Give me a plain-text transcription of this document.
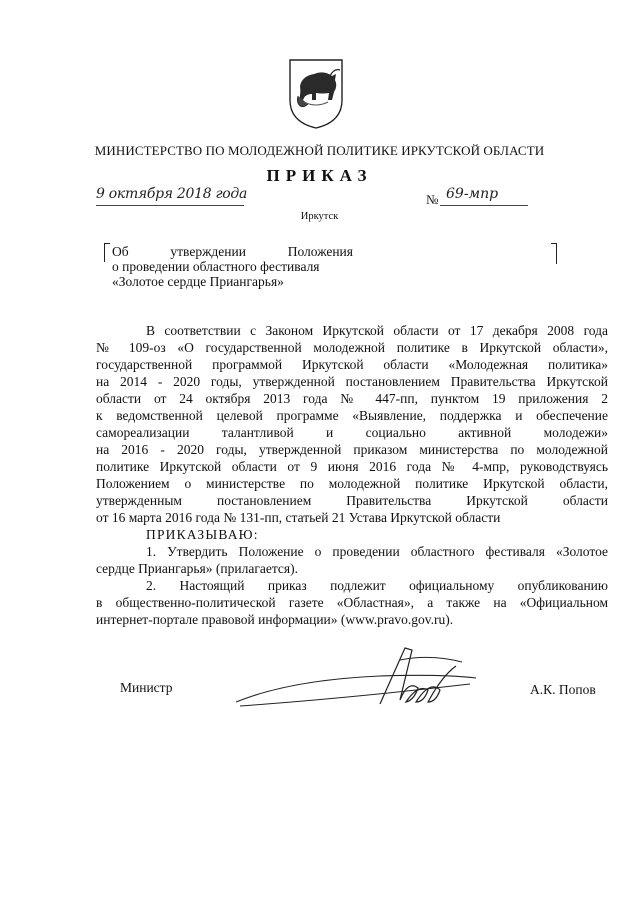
МИНИСТЕРСТВО ПО МОЛОДЕЖНОЙ ПОЛИТИКЕ ИРКУТСКОЙ ОБЛАСТИ
ПРИКАЗ
9 октября 2018 года	№ 69-мпр
Иркутск
Об	утверждении	Положения
о проведении областного фестиваля
«Золотое сердце Приангарья»
В соответствии с Законом Иркутской области от 17 декабря 2008 года
№ 109-оз «О государственной молодежной политике в Иркутской области»,
государственной программой Иркутской области «Молодежная политика»
на 2014 - 2020 годы, утвержденной постановлением Правительства Иркутской
области от 24 октября 2013 года № 447-пп, пунктом 19 приложения 2
к ведомственной целевой программе «Выявление, поддержка и обеспечение
самореализации талантливой и социально активной молодежи»
на 2016 - 2020 годы, утвержденной приказом министерства по молодежной
политике Иркутской области от 9 июня 2016 года № 4-мпр, руководствуясь
Положением о министерстве по молодежной политике Иркутской области,
утвержденным постановлением Правительства Иркутской области
от 16 марта 2016 года № 131-пп, статьей 21 Устава Иркутской области
ПРИКАЗЫВАЮ:
1. Утвердить Положение о проведении областного фестиваля «Золотое
сердце Приангарья» (прилагается).
2. Настоящий приказ подлежит официальному опубликованию
в общественно-политической газете «Областная», а также на «Официальном
интернет-портале правовой информации» (www.pravo.gov.ru).
Министр	А.К. Попов
